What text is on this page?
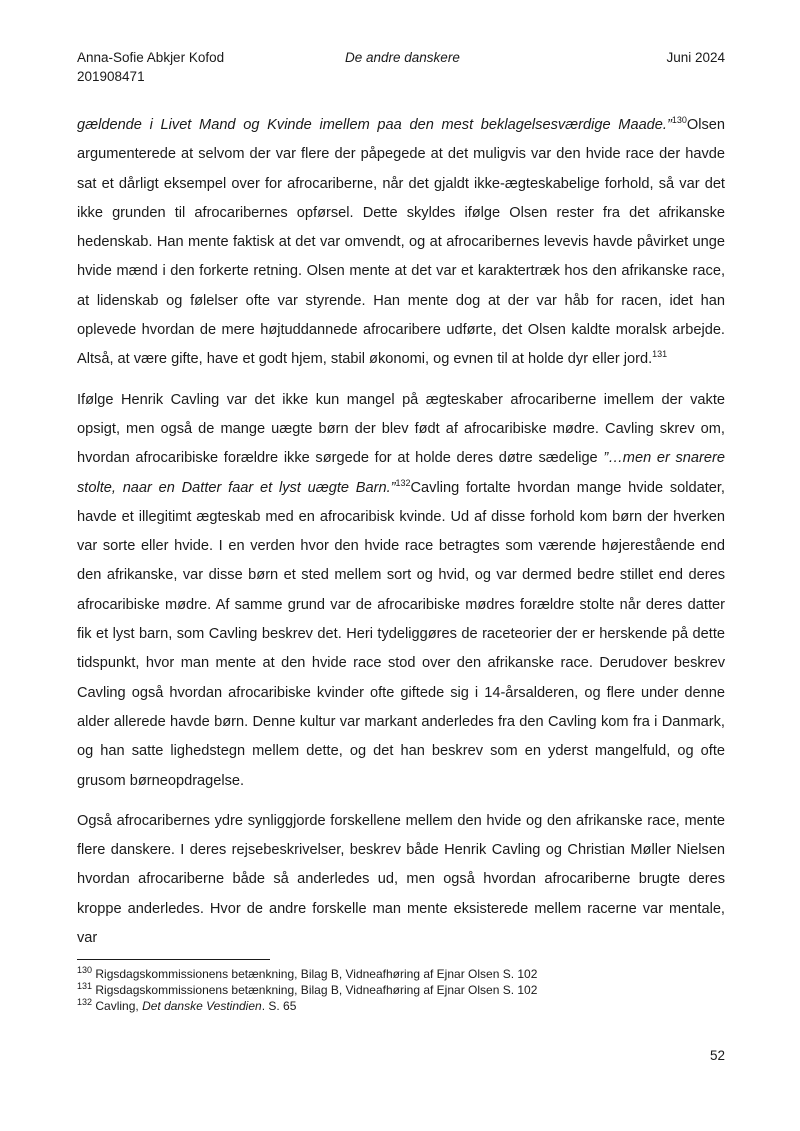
Anna-Sofie Abkjer Kofod
201908471
De andre danskere	Juni 2024

gældende i Livet Mand og Kvinde imellem paa den mest beklagelsesværdige Maade.”$^{130}$Olsen argumenterede at selvom der var flere der påpegede at det muligvis var den hvide race der havde sat et dårligt eksempel over for afrocariberne, når det gjaldt ikke-ægteskabelige forhold, så var det ikke grunden til afrocaribernes opførsel. Dette skyldes ifølge Olsen rester fra det afrikanske hedenskab. Han mente faktisk at det var omvendt, og at afrocaribernes levevis havde påvirket unge hvide mænd i den forkerte retning. Olsen mente at det var et karaktertræk hos den afrikanske race, at lidenskab og følelser ofte var styrende. Han mente dog at der var håb for racen, idet han oplevede hvordan de mere højtuddannede afrocaribere udførte, det Olsen kaldte moralsk arbejde. Altså, at være gifte, have et godt hjem, stabil økonomi, og evnen til at holde dyr eller jord.$^{131}$

Ifølge Henrik Cavling var det ikke kun mangel på ægteskaber afrocariberne imellem der vakte opsigt, men også de mange uægte børn der blev født af afrocaribiske mødre. Cavling skrev om, hvordan afrocaribiske forældre ikke sørgede for at holde deres døtre sædelige ”…men er snarere stolte, naar en Datter faar et lyst uægte Barn.”$^{132}$Cavling fortalte hvordan mange hvide soldater, havde et illegitimt ægteskab med en afrocaribisk kvinde. Ud af disse forhold kom børn der hverken var sorte eller hvide. I en verden hvor den hvide race betragtes som værende højerestående end den afrikanske, var disse børn et sted mellem sort og hvid, og var dermed bedre stillet end deres afrocaribiske mødre. Af samme grund var de afrocaribiske mødres forældre stolte når deres datter fik et lyst barn, som Cavling beskrev det. Heri tydeliggøres de raceteorier der er herskende på dette tidspunkt, hvor man mente at den hvide race stod over den afrikanske race. Derudover beskrev Cavling også hvordan afrocaribiske kvinder ofte giftede sig i 14-årsalderen, og flere under denne alder allerede havde børn. Denne kultur var markant anderledes fra den Cavling kom fra i Danmark, og han satte lighedstegn mellem dette, og det han beskrev som en yderst mangelfuld, og ofte grusom børneopdragelse.

Også afrocaribernes ydre synliggjorde forskellene mellem den hvide og den afrikanske race, mente flere danskere. I deres rejsebeskrivelser, beskrev både Henrik Cavling og Christian Møller Nielsen hvordan afrocariberne både så anderledes ud, men også hvordan afrocariberne brugte deres kroppe anderledes. Hvor de andre forskelle man mente eksisterede mellem racerne var mentale, var

$^{130}$ Rigsdagskommissionens betænkning, Bilag B, Vidneafhøring af Ejnar Olsen S. 102
$^{131}$ Rigsdagskommissionens betænkning, Bilag B, Vidneafhøring af Ejnar Olsen S. 102
$^{132}$ Cavling, Det danske Vestindien. S. 65
52
